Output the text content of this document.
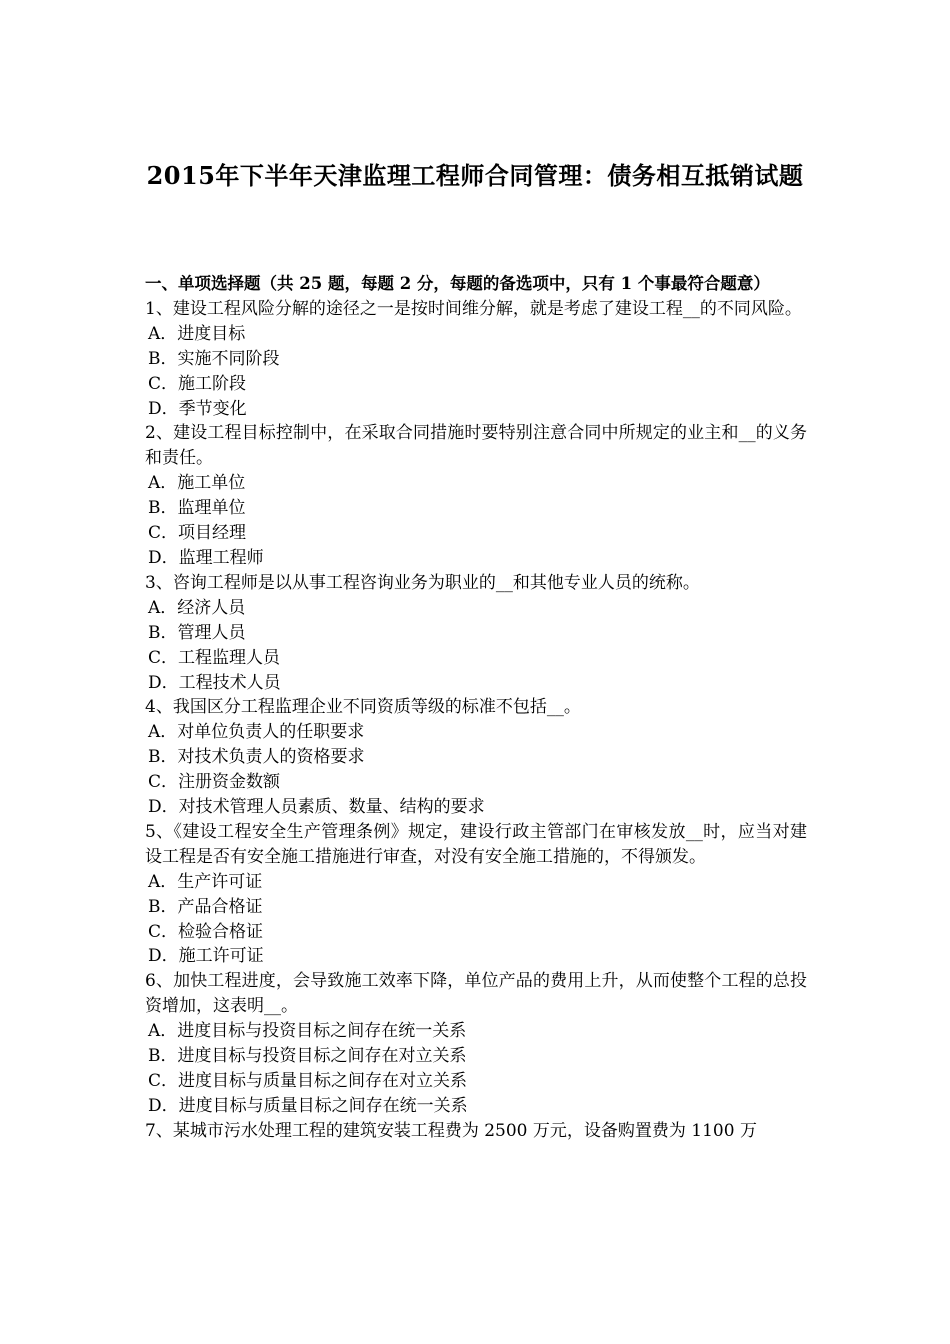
2015年下半年天津监理工程师合同管理：债务相互抵销试题
一、单项选择题（共 25 题，每题 2 分，每题的备选项中，只有 1 个事最符合题意）
1、建设工程风险分解的途径之一是按时间维分解，就是考虑了建设工程__的不同风险。
A．进度目标
B．实施不同阶段
C．施工阶段
D．季节变化
2、建设工程目标控制中，在采取合同措施时要特别注意合同中所规定的业主和__的义务和责任。
A．施工单位
B．监理单位
C．项目经理
D．监理工程师
3、咨询工程师是以从事工程咨询业务为职业的__和其他专业人员的统称。
A．经济人员
B．管理人员
C．工程监理人员
D．工程技术人员
4、我国区分工程监理企业不同资质等级的标准不包括__。
A．对单位负责人的任职要求
B．对技术负责人的资格要求
C．注册资金数额
D．对技术管理人员素质、数量、结构的要求
5、《建设工程安全生产管理条例》规定，建设行政主管部门在审核发放__时，应当对建设工程是否有安全施工措施进行审查，对没有安全施工措施的，不得颁发。
A．生产许可证
B．产品合格证
C．检验合格证
D．施工许可证
6、加快工程进度，会导致施工效率下降，单位产品的费用上升，从而使整个工程的总投资增加，这表明__。
A．进度目标与投资目标之间存在统一关系
B．进度目标与投资目标之间存在对立关系
C．进度目标与质量目标之间存在对立关系
D．进度目标与质量目标之间存在统一关系
7、某城市污水处理工程的建筑安装工程费为 2500 万元，设备购置费为 1100 万
